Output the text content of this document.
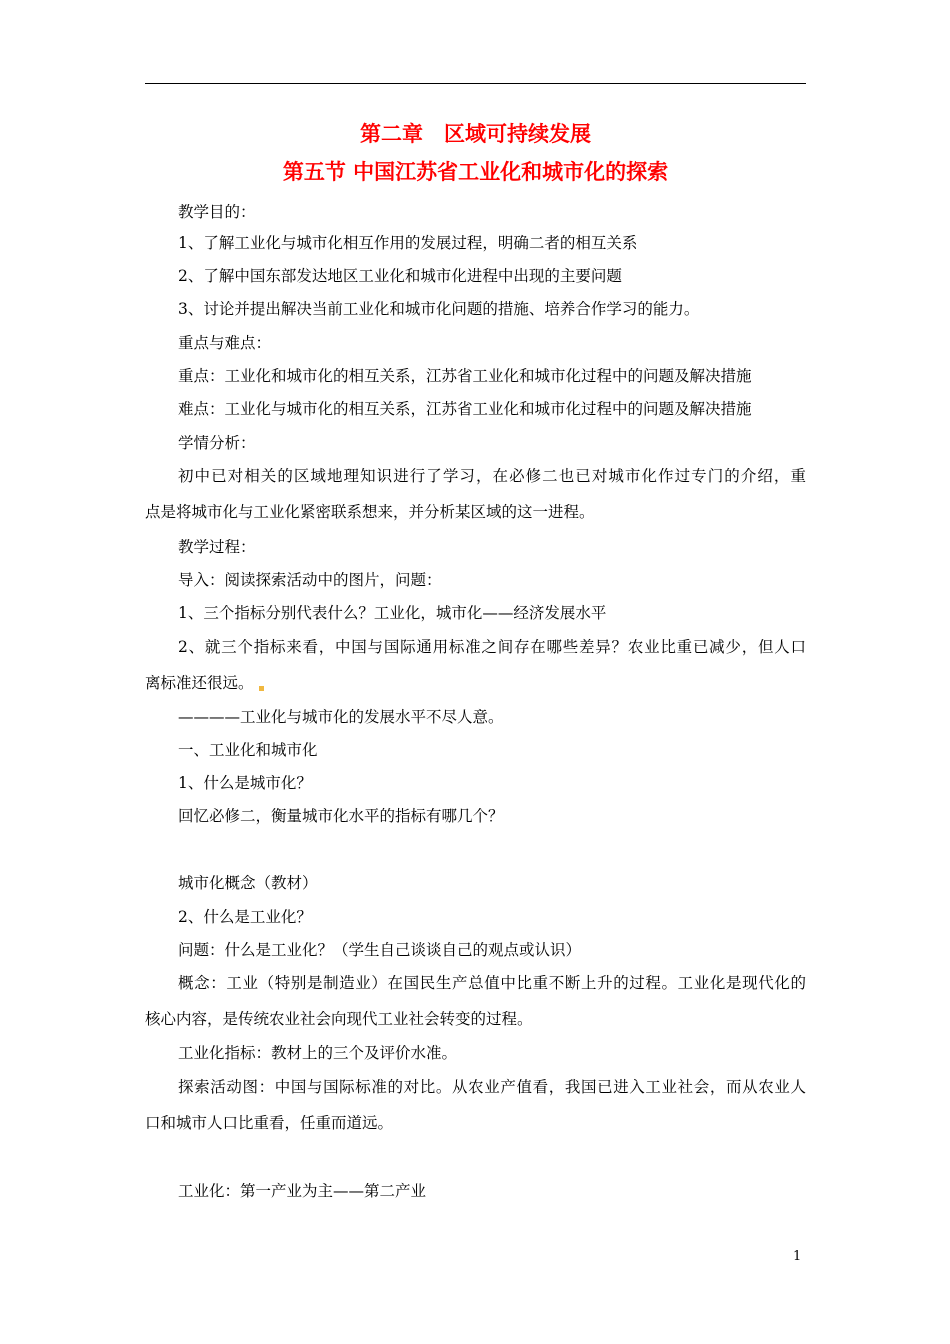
第二章　区域可持续发展
第五节 中国江苏省工业化和城市化的探索
教学目的：
1、了解工业化与城市化相互作用的发展过程，明确二者的相互关系
2、了解中国东部发达地区工业化和城市化进程中出现的主要问题
3、讨论并提出解决当前工业化和城市化问题的措施、培养合作学习的能力。
重点与难点：
重点：工业化和城市化的相互关系，江苏省工业化和城市化过程中的问题及解决措施
难点：工业化与城市化的相互关系，江苏省工业化和城市化过程中的问题及解决措施
学情分析：
初中已对相关的区域地理知识进行了学习，在必修二也已对城市化作过专门的介绍，重
点是将城市化与工业化紧密联系想来，并分析某区域的这一进程。
教学过程：
导入：阅读探索活动中的图片，问题：
1、三个指标分别代表什么？工业化，城市化——经济发展水平
2、就三个指标来看，中国与国际通用标准之间存在哪些差异？农业比重已减少，但人口
离标准还很远。
————工业化与城市化的发展水平不尽人意。
一、工业化和城市化
1、什么是城市化？
回忆必修二，衡量城市化水平的指标有哪几个？
城市化概念（教材）
2、什么是工业化？
问题：什么是工业化？（学生自己谈谈自己的观点或认识）
概念：工业（特别是制造业）在国民生产总值中比重不断上升的过程。工业化是现代化的
核心内容，是传统农业社会向现代工业社会转变的过程。
工业化指标：教材上的三个及评价水准。
探索活动图：中国与国际标准的对比。从农业产值看，我国已进入工业社会，而从农业人
口和城市人口比重看，任重而道远。
工业化：第一产业为主——第二产业
1
